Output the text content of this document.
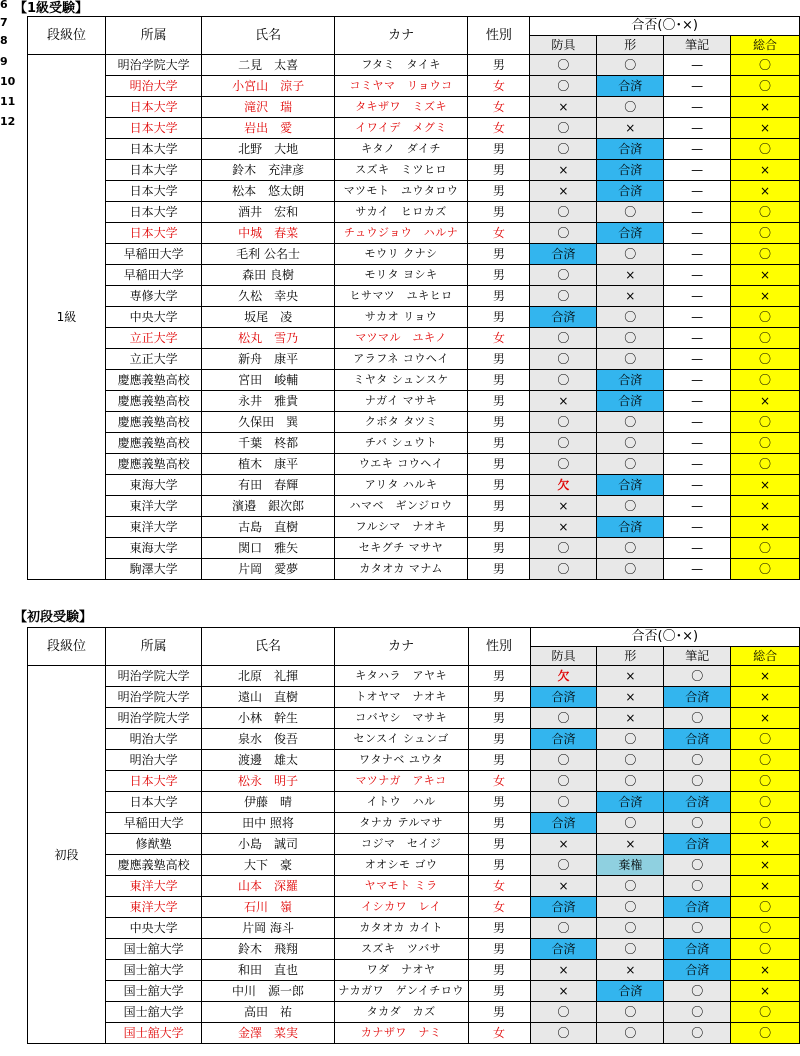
6
7
8
9
10
11
12
【1級受験】
段級位	所属	氏名	カナ	性別	合否(〇･×)			
					防具	形	筆記	総合
1級	明治学院大学	二見　太喜	フタミ　タイキ	男	〇	〇	—	〇
	明治大学	小宮山　涼子	コミヤマ　リョウコ	女	〇	合済	—	〇
	日本大学	滝沢　瑞	タキザワ　ミズキ	女	×	〇	—	×
	日本大学	岩出　愛	イワイデ　メグミ	女	〇	×	—	×
	日本大学	北野　大地	キタノ　ダイチ	男	〇	合済	—	〇
	日本大学	鈴木　充津彦	スズキ　ミツヒロ	男	×	合済	—	×
	日本大学	松本　悠太朗	マツモト　ユウタロウ	男	×	合済	—	×
	日本大学	酒井　宏和	サカイ　ヒロカズ	男	〇	〇	—	〇
	日本大学	中城　春菜	チュウジョウ　ハルナ	女	〇	合済	—	〇
	早稲田大学	毛利 公名士	モウリ クナシ	男	合済	〇	—	〇
	早稲田大学	森田 良樹	モリタ ヨシキ	男	〇	×	—	×
	専修大学	久松　幸央	ヒサマツ　ユキヒロ	男	〇	×	—	×
	中央大学	坂尾　凌	サカオ リョウ	男	合済	〇	—	〇
	立正大学	松丸　雪乃	マツマル　ユキノ	女	〇	〇	—	〇
	立正大学	新舟　康平	アラフネ コウヘイ	男	〇	〇	—	〇
	慶應義塾高校	宮田　峻輔	ミヤタ シュンスケ	男	〇	合済	—	〇
	慶應義塾高校	永井　雅貴	ナガイ マサキ	男	×	合済	—	×
	慶應義塾高校	久保田　巽	クボタ タツミ	男	〇	〇	—	〇
	慶應義塾高校	千葉　柊都	チバ シュウト	男	〇	〇	—	〇
	慶應義塾高校	植木　康平	ウエキ コウヘイ	男	〇	〇	—	〇
	東海大学	有田　春輝	アリタ ハルキ	男	欠	合済	—	×
	東洋大学	濱邉　銀次郎	ハマベ　ギンジロウ	男	×	〇	—	×
	東洋大学	古島　直樹	フルシマ　ナオキ	男	×	合済	—	×
	東海大学	関口　雅矢	セキグチ マサヤ	男	〇	〇	—	〇
	駒澤大学	片岡　愛夢	カタオカ マナム	男	〇	〇	—	〇
【初段受験】
段級位	所属	氏名	カナ	性別	合否(〇･×)			
					防具	形	筆記	総合
初段	明治学院大学	北原　礼揮	キタハラ　アヤキ	男	欠	×	〇	×
	明治学院大学	遠山　直樹	トオヤマ　ナオキ	男	合済	×	合済	×
	明治学院大学	小林　幹生	コバヤシ　マサキ	男	〇	×	〇	×
	明治大学	泉水　俊吾	センスイ シュンゴ	男	合済	〇	合済	〇
	明治大学	渡邊　雄太	ワタナベ ユウタ	男	〇	〇	〇	〇
	日本大学	松永　明子	マツナガ　アキコ	女	〇	〇	〇	〇
	日本大学	伊藤　晴	イトウ　ハル	男	〇	合済	合済	〇
	早稲田大学	田中 照将	タナカ テルマサ	男	合済	〇	〇	〇
	修猷塾	小島　誠司	コジマ　セイジ	男	×	×	合済	×
	慶應義塾高校	大下　豪	オオシモ ゴウ	男	〇	棄権	〇	×
	東洋大学	山本　深羅	ヤマモト ミラ	女	×	〇	〇	×
	東洋大学	石川　嶺	イシカワ　レイ	女	合済	〇	合済	〇
	中央大学	片岡 海斗	カタオカ カイト	男	〇	〇	〇	〇
	国士舘大学	鈴木　飛翔	スズキ　ツバサ	男	合済	〇	合済	〇
	国士舘大学	和田　直也	ワダ　ナオヤ	男	×	×	合済	×
	国士舘大学	中川　源一郎	ナカガワ　ゲンイチロウ	男	×	合済	〇	×
	国士舘大学	高田　祐	タカダ　カズ	男	〇	〇	〇	〇
	国士舘大学	金澤　菜実	カナザワ　ナミ	女	〇	〇	〇	〇
